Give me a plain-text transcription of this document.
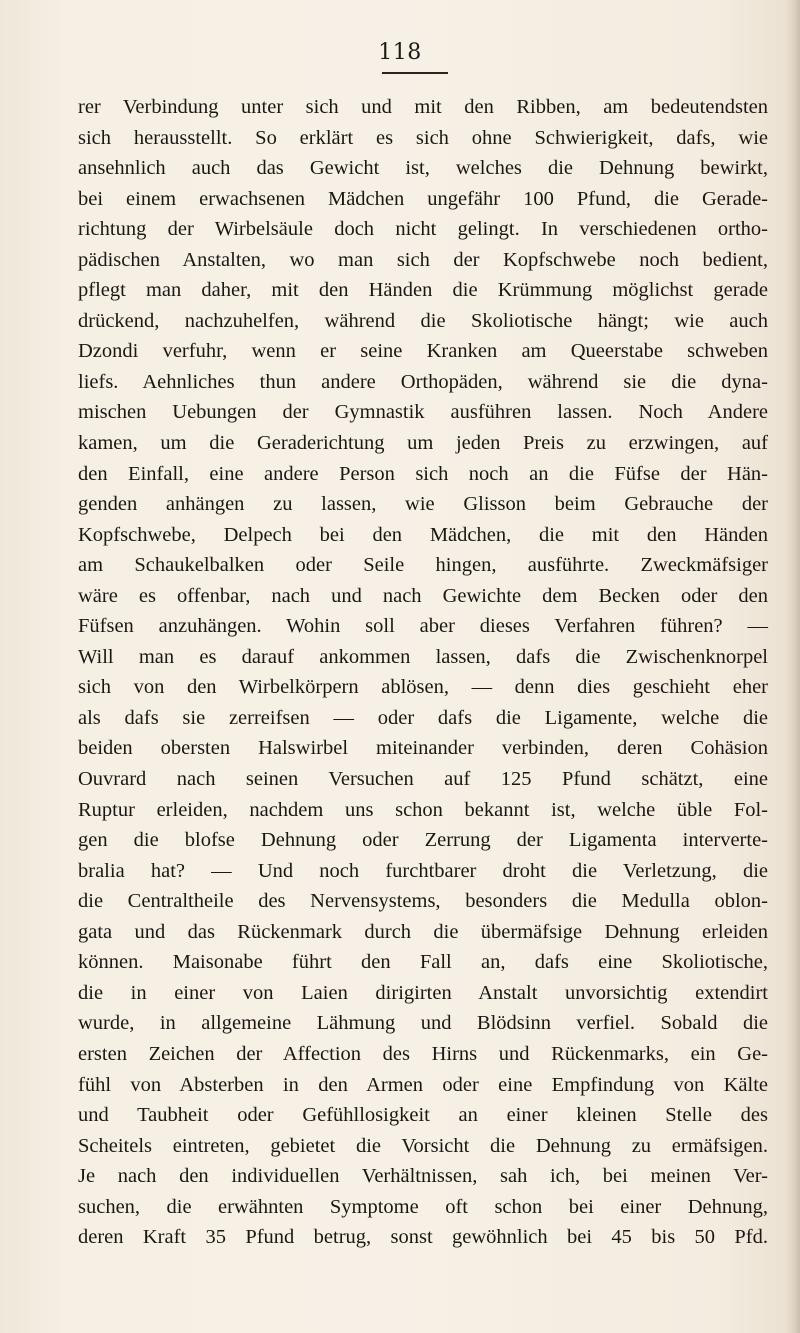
118
rer Verbindung unter sich und mit den Ribben, am bedeutendsten
sich herausstellt. So erklärt es sich ohne Schwierigkeit, dafs, wie
ansehnlich auch das Gewicht ist, welches die Dehnung bewirkt,
bei einem erwachsenen Mädchen ungefähr 100 Pfund, die Gerade-
richtung der Wirbelsäule doch nicht gelingt. In verschiedenen ortho-
pädischen Anstalten, wo man sich der Kopfschwebe noch bedient,
pflegt man daher, mit den Händen die Krümmung möglichst gerade
drückend, nachzuhelfen, während die Skoliotische hängt; wie auch
Dzondi verfuhr, wenn er seine Kranken am Queerstabe schweben
liefs. Aehnliches thun andere Orthopäden, während sie die dyna-
mischen Uebungen der Gymnastik ausführen lassen. Noch Andere
kamen, um die Geraderichtung um jeden Preis zu erzwingen, auf
den Einfall, eine andere Person sich noch an die Füfse der Hän-
genden anhängen zu lassen, wie Glisson beim Gebrauche der
Kopfschwebe, Delpech bei den Mädchen, die mit den Händen
am Schaukelbalken oder Seile hingen, ausführte. Zweckmäfsiger
wäre es offenbar, nach und nach Gewichte dem Becken oder den
Füfsen anzuhängen. Wohin soll aber dieses Verfahren führen? —
Will man es darauf ankommen lassen, dafs die Zwischenknorpel
sich von den Wirbelkörpern ablösen, — denn dies geschieht eher
als dafs sie zerreifsen — oder dafs die Ligamente, welche die
beiden obersten Halswirbel miteinander verbinden, deren Cohäsion
Ouvrard nach seinen Versuchen auf 125 Pfund schätzt, eine
Ruptur erleiden, nachdem uns schon bekannt ist, welche üble Fol-
gen die blofse Dehnung oder Zerrung der Ligamenta interverte-
bralia hat? — Und noch furchtbarer droht die Verletzung, die
die Centraltheile des Nervensystems, besonders die Medulla oblon-
gata und das Rückenmark durch die übermäfsige Dehnung erleiden
können. Maisonabe führt den Fall an, dafs eine Skoliotische,
die in einer von Laien dirigirten Anstalt unvorsichtig extendirt
wurde, in allgemeine Lähmung und Blödsinn verfiel. Sobald die
ersten Zeichen der Affection des Hirns und Rückenmarks, ein Ge-
fühl von Absterben in den Armen oder eine Empfindung von Kälte
und Taubheit oder Gefühllosigkeit an einer kleinen Stelle des
Scheitels eintreten, gebietet die Vorsicht die Dehnung zu ermäfsigen.
Je nach den individuellen Verhältnissen, sah ich, bei meinen Ver-
suchen, die erwähnten Symptome oft schon bei einer Dehnung,
deren Kraft 35 Pfund betrug, sonst gewöhnlich bei 45 bis 50 Pfd.
